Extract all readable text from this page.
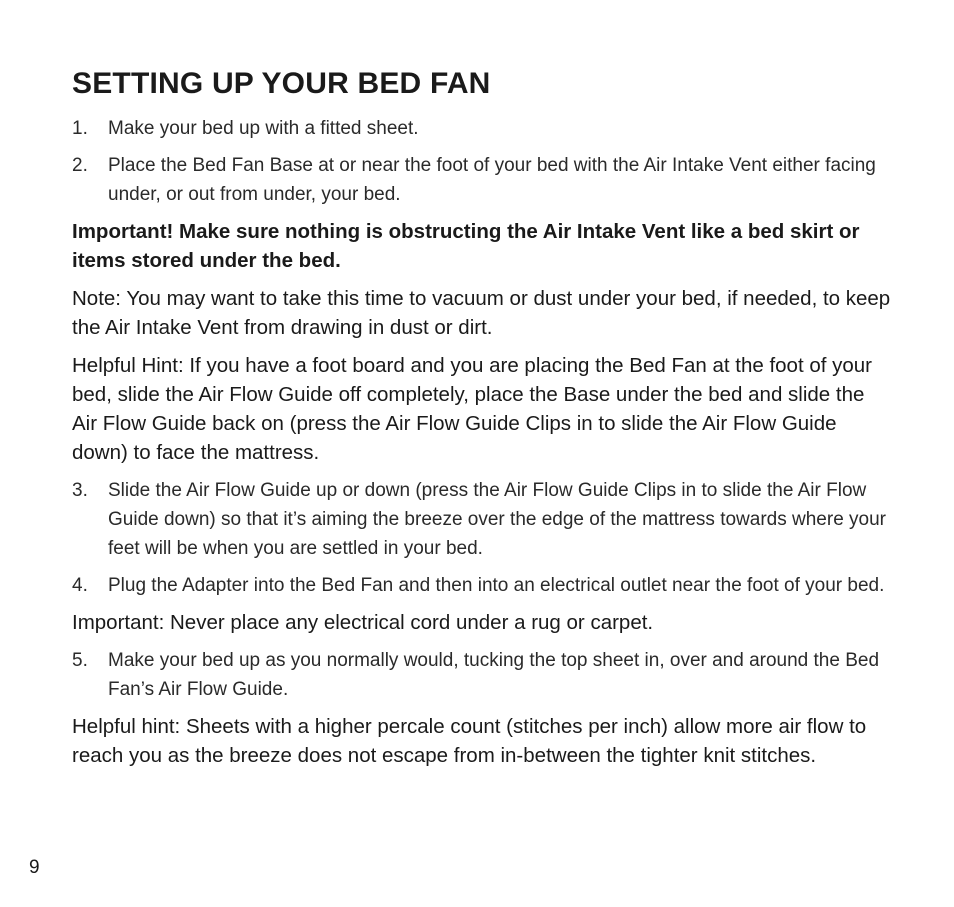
SETTING UP YOUR BED FAN
1.	Make your bed up with a fitted sheet.
2.	Place the Bed Fan Base at or near the foot of your bed with the Air Intake Vent either facing under, or out from under, your bed.

Important! Make sure nothing is obstructing the Air Intake Vent like a bed skirt or items stored under the bed.

Note: You may want to take this time to vacuum or dust under your bed, if needed, to keep the Air Intake Vent from drawing in dust or dirt.

Helpful Hint: If you have a foot board and you are placing the Bed Fan at the foot of your bed, slide the Air Flow Guide off completely, place the Base under the bed and slide the Air Flow Guide back on (press the Air Flow Guide Clips in to slide the Air Flow Guide down) to face the mattress.

3.	Slide the Air Flow Guide up or down (press the Air Flow Guide Clips in to slide the Air Flow Guide down) so that it’s aiming the breeze over the edge of the mattress towards where your feet will be when you are settled in your bed.
4.	Plug the Adapter into the Bed Fan and then into an electrical outlet near the foot of your bed.

Important: Never place any electrical cord under a rug or carpet.

5.	Make your bed up as you normally would, tucking the top sheet in, over and around the Bed Fan’s Air Flow Guide.

Helpful hint: Sheets with a higher percale count (stitches per inch) allow more air flow to reach you as the breeze does not escape from in-between the tighter knit stitches.

9
